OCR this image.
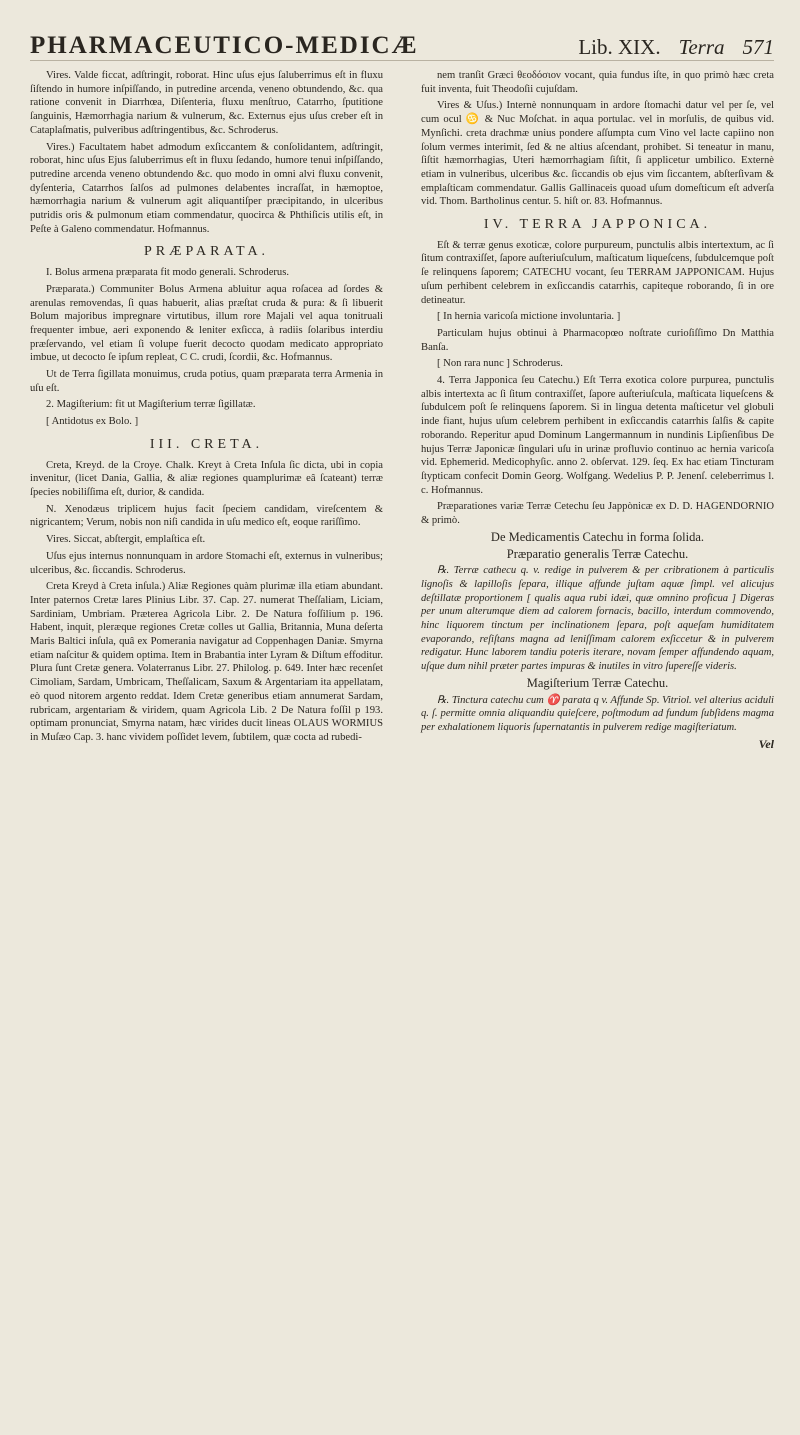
PHARMACEUTICO-MEDICÆ	Lib. XIX. Terra 571

Vires. Valde ficcat, adſtringit, roborat. Hinc uſus ejus ſaluberrimus eſt in fluxu ſiſtendo in humore inſpiſſando, in putredine arcenda, veneno obtundendo, &c. qua ratione convenit in Diarrhœa, Diſenteria, fluxu menſtruo, Catarrho, ſputitione ſanguinis, Hæmorrhagia narium & vulnerum, &c. Externus ejus uſus creber eſt in Cataplaſmatis, pulveribus adſtringentibus, &c. Schroderus.

Vires.) Facultatem habet admodum exſiccantem & conſolidantem, adſtringit, roborat, hinc uſus Ejus ſaluberrimus eſt in fluxu ſedando, humore tenui inſpiſſando, putredine arcenda veneno obtundendo &c. quo modo in omni alvi fluxu convenit, dyſenteria, Catarrhos ſalſos ad pulmones delabentes incraſſat, in hæmoptoe, hæmorrhagia narium & vulnerum agit aliquantiſper præcipitando, in ulceribus putridis oris & pulmonum etiam commendatur, quocirca & Phthiſicis utilis eſt, in Peſte à Galeno commendatur. Hofmannus.

PRÆPARATA.

I. Bolus armena præparata fit modo generali. Schroderus.

Præparata.) Communiter Bolus Armena abluitur aqua roſacea ad ſordes & arenulas removendas, ſi quas habuerit, alias præſtat cruda & pura: & ſi libuerit Bolum majoribus impregnare virtutibus, illum rore Majali vel aqua tonitruali frequenter imbue, aeri exponendo & leniter exſicca, à radiis ſolaribus interdiu præſervando, vel etiam ſi volupe fuerit decocto quodam medicato appropriato imbue, ut decocto ſe ipſum repleat, C C. crudi, ſcordii, &c. Hofmannus.

Ut de Terra ſigillata monuimus, cruda potius, quam præparata terra Armenia in uſu eſt.

2. Magiſterium: fit ut Magiſterium terræ ſigillatæ.

[ Antidotus ex Bolo. ]

III. CRETA.

Creta, Kreyd. de la Croye. Chalk. Kreyt à Creta Inſula ſic dicta, ubi in copia invenitur, (licet Dania, Gallia, & aliæ regiones quamplurimæ eâ ſcateant) terræ ſpecies nobiliſſima eſt, durior, & candida.

N. Xenodæus triplicem hujus facit ſpeciem candidam, vireſcentem & nigricantem; Verum, nobis non niſi candida in uſu medico eſt, eoque rariſſimo.

Vires. Siccat, abſtergit, emplaſtica eſt.

Uſus ejus internus nonnunquam in ardore Stomachi eſt, externus in vulneribus; ulceribus, &c. ſiccandis. Schroderus.

Creta Kreyd à Creta inſula.) Aliæ Regiones quàm plurimæ illa etiam abundant. Inter paternos Cretæ lares Plinius Libr. 37. Cap. 27. numerat Theſſaliam, Liciam, Sardiniam, Umbriam. Præterea Agricola Libr. 2. De Natura foſſilium p. 196. Habent, inquit, pleræque regiones Cretæ colles ut Gallia, Britannia, Muna deſerta Maris Baltici inſula, quâ ex Pomerania navigatur ad Coppenhagen Daniæ. Smyrna etiam naſcitur & quidem optima. Item in Brabantia inter Lyram & Diſtum effoditur. Plura ſunt Cretæ genera. Volaterranus Libr. 27. Philolog. p. 649. Inter hæc recenſet Cimoliam, Sardam, Umbricam, Theſſalicam, Saxum & Argentariam ita appellatam, eò quod nitorem argento reddat. Idem Cretæ generibus etiam annumerat Sardam, rubricam, argentariam & viridem, quam Agricola Lib. 2 De Natura foſſil p 193. optimam pronunciat, Smyrna natam, hæc virides ducit lineas OLAUS WORMIUS in Muſæo Cap. 3. hanc vividem poſſidet levem, ſubtilem, quæ cocta ad rubedi-

nem tranſit Græci θεοδόσιον vocant, quia fundus iſte, in quo primò hæc creta fuit inventa, fuit Theodoſii cujuſdam.

Vires & Uſus.) Internè nonnunquam in ardore ſtomachi datur vel per ſe, vel cum ocul ♋ & Nuc Moſchat. in aqua portulac. vel in morſulis, de quibus vid. Mynſichi. creta drachmæ unius pondere aſſumpta cum Vino vel lacte capiino non ſolum vermes interimit, ſed & ne altius aſcendant, prohibet. Si teneatur in manu, ſiſtit hæmorrhagias, Uteri hæmorrhagiam ſiſtit, ſi applicetur umbilico. Externè etiam in vulneribus, ulceribus &c. ſiccandis ob ejus vim ſiccantem, abſterſivam & emplaſticam commendatur. Gallis Gallinaceis quoad uſum domeſticum eſt adverſa vid. Thom. Bartholinus centur. 5. hiſt or. 83. Hofmannus.

IV. TERRA JAPPONICA.

Eſt & terræ genus exoticæ, colore purpureum, punctulis albis intertextum, ac ſi ſitum contraxiſſet, ſapore auſteriuſculum, maſticatum liqueſcens, ſubdulcemque poſt ſe relinquens ſaporem; CATECHU vocant, ſeu TERRAM JAPPONICAM. Hujus uſum perhibent celebrem in exſiccandis catarrhis, capiteque roborando, ſi in ore detineatur.

[ In hernia varicoſa mictione involuntaria. ]

Particulam hujus obtinui à Pharmacopœo noſtrate curioſiſſimo Dn Matthia Banſa.

[ Non rara nunc ] Schroderus.

4. Terra Japponica ſeu Catechu.) Eſt Terra exotica colore purpurea, punctulis albis intertexta ac ſi ſitum contraxiſſet, ſapore auſteriuſcula, maſticata liqueſcens & ſubdulcem poſt ſe relinquens ſaporem. Si in lingua detenta maſticetur vel globuli inde fiant, hujus uſum celebrem perhibent in exſiccandis catarrhis ſalſis & capite roborando. Reperitur apud Dominum Langermannum in nundinis Lipſienſibus De hujus Terræ Japonicæ ſingulari uſu in urinæ profluvio continuo ac hernia varicoſa vid. Ephemerid. Medicophyſic. anno 2. obſervat. 129. ſeq. Ex hac etiam Tincturam ſtypticam confecit Domin Georg. Wolfgang. Wedelius P. P. Jenenſ. celeberrimus l. c. Hofmannus.

Præparationes variæ Terræ Cetechu ſeu Jappònicæ ex D. D. HAGENDORNIO & primò.

De Medicamentis Catechu in forma ſolida.

Præparatio generalis Terræ Catechu.

℞. Terræ cathecu q. v. redige in pulverem & per cribrationem à particulis lignoſis & lapilloſis ſepara, illique affunde juſtam aquæ ſimpl. vel alicujus deſtillatæ proportionem [ qualis aqua rubi idæi, quæ omnino proficua ] Digeras per unum alterumque diem ad calorem fornacis, bacillo, interdum commovendo, hinc liquorem tinctum per inclinationem ſepara, poſt aqueſam humiditatem evaporando, reſiſtans magna ad leniſſimam calorem exſiccetur & in pulverem redigatur. Hunc laborem tandiu poteris iterare, novam ſemper affundendo aquam, uſque dum nihil præter partes impuras & inutiles in vitro ſupereſſe videris.

Magiſterium Terræ Catechu.

℞. Tinctura catechu cum ♈ parata q v. Affunde Sp. Vitriol. vel alterius aciduli q. ſ. permitte omnia aliquandiu quieſcere, poſtmodum ad fundum ſubſidens magma per exhalationem liquoris ſupernatantis in pulverem redige magiſteriatum.

Vel
